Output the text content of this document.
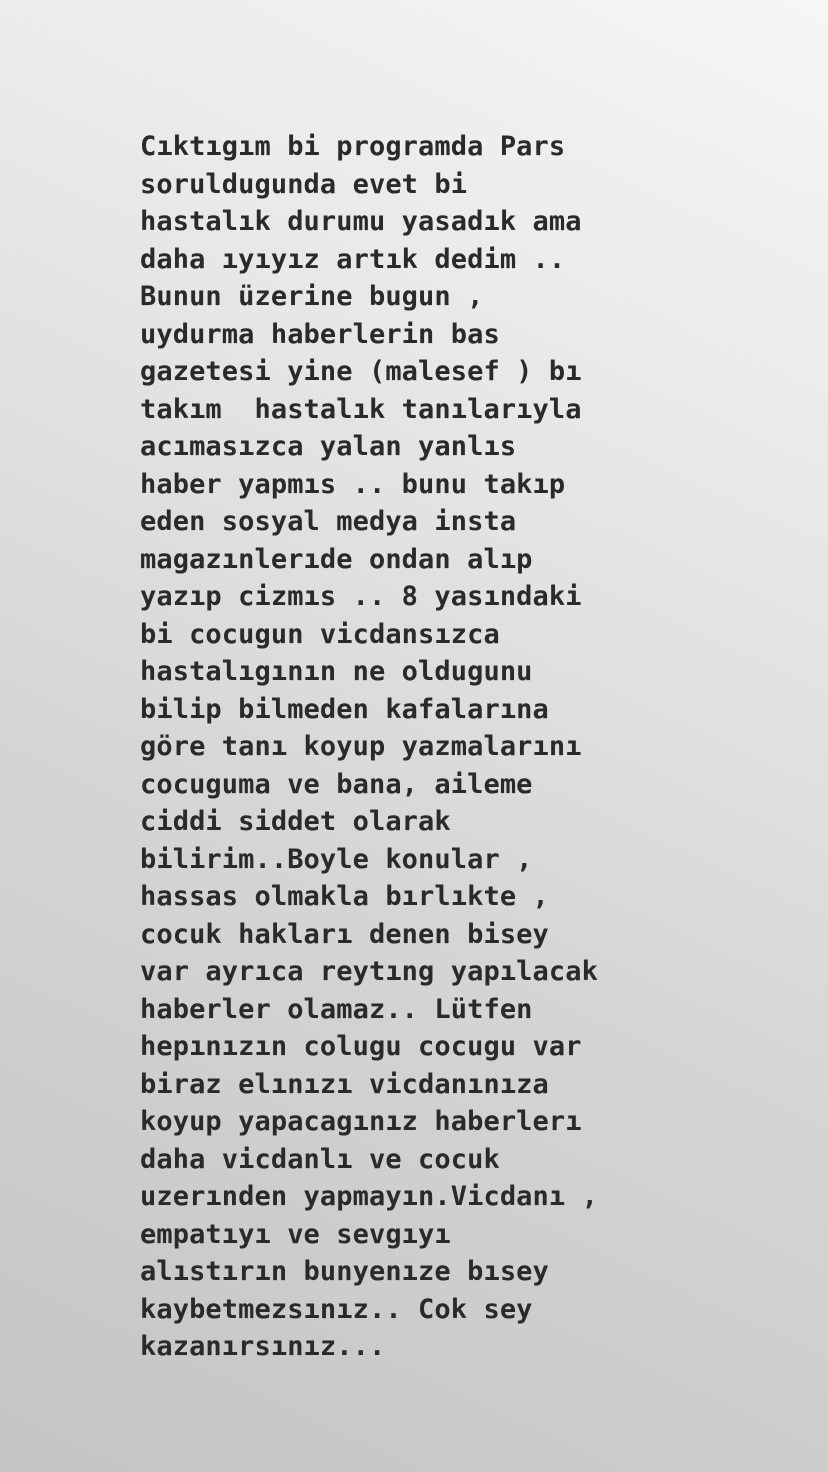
Cıktıgım bi programda Pars
soruldugunda evet bi
hastalık durumu yasadık ama
daha ıyıyız artık dedim ..
Bunun üzerine bugun ,
uydurma haberlerin bas
gazetesi yine (malesef ) bı
takım  hastalık tanılarıyla
acımasızca yalan yanlıs
haber yapmıs .. bunu takıp
eden sosyal medya insta
magazınlerıde ondan alıp
yazıp cizmıs .. 8 yasındaki
bi cocugun vicdansızca
hastalıgının ne oldugunu
bilip bilmeden kafalarına
göre tanı koyup yazmalarını
cocuguma ve bana, aileme
ciddi siddet olarak
bilirim..Boyle konular ,
hassas olmakla bırlıkte ,
cocuk hakları denen bisey
var ayrıca reytıng yapılacak
haberler olamaz.. Lütfen
hepınızın colugu cocugu var
biraz elınızı vicdanınıza
koyup yapacagınız haberlerı
daha vicdanlı ve cocuk
uzerınden yapmayın.Vicdanı ,
empatıyı ve sevgıyı
alıstırın bunyenıze bısey
kaybetmezsınız.. Cok sey
kazanırsınız...
